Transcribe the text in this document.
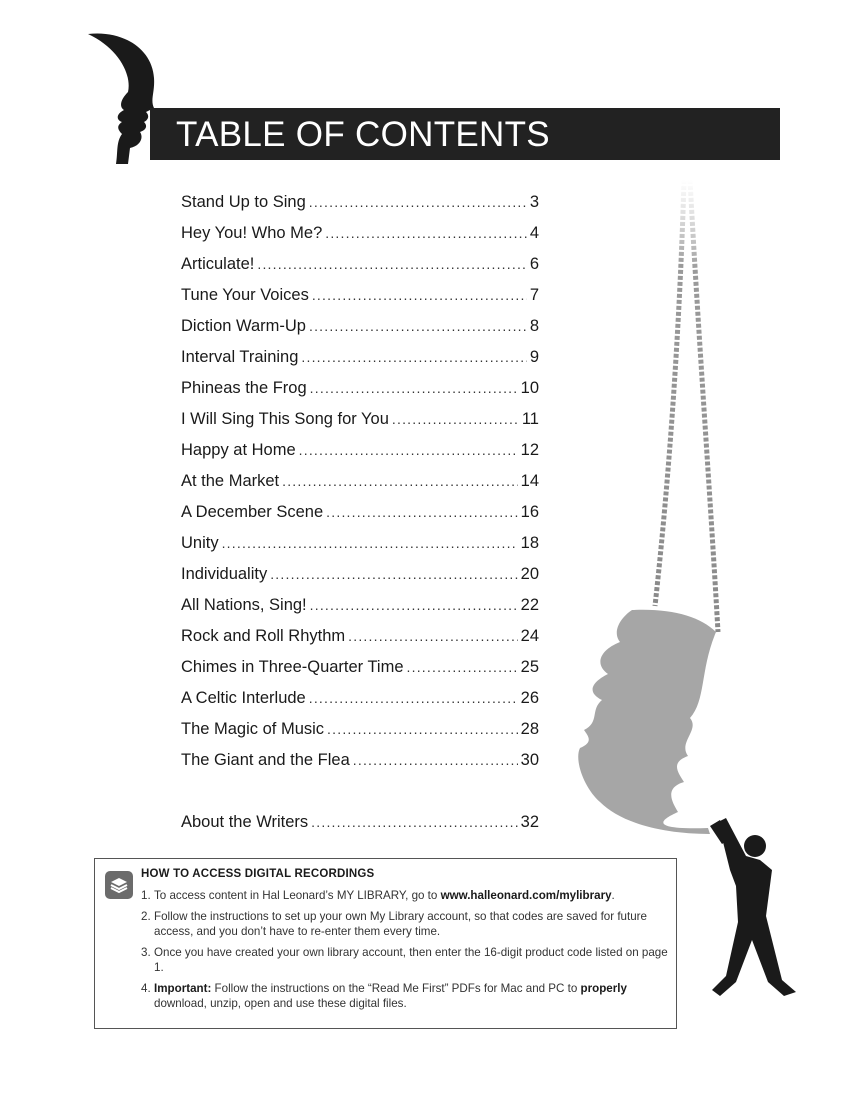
TABLE OF CONTENTS
Stand Up to Sing .....	3
Hey You! Who Me? .....	4
Articulate! .....	6
Tune Your Voices .....	7
Diction Warm-Up .....	8
Interval Training .....	9
Phineas the Frog .....	10
I Will Sing This Song for You .....	11
Happy at Home .....	12
At the Market .....	14
A December Scene .....	16
Unity .....	18
Individuality .....	20
All Nations, Sing! .....	22
Rock and Roll Rhythm .....	24
Chimes in Three-Quarter Time .....	25
A Celtic Interlude .....	26
The Magic of Music .....	28
The Giant and the Flea .....	30
About the Writers .....	32
HOW TO ACCESS DIGITAL RECORDINGS
1. To access content in Hal Leonard’s MY LIBRARY, go to www.halleonard.com/mylibrary.
2. Follow the instructions to set up your own My Library account, so that codes are saved for future access, and you don’t have to re-enter them every time.
3. Once you have created your own library account, then enter the 16-digit product code listed on page 1.
4. Important: Follow the instructions on the “Read Me First” PDFs for Mac and PC to properly download, unzip, open and use these digital files.
